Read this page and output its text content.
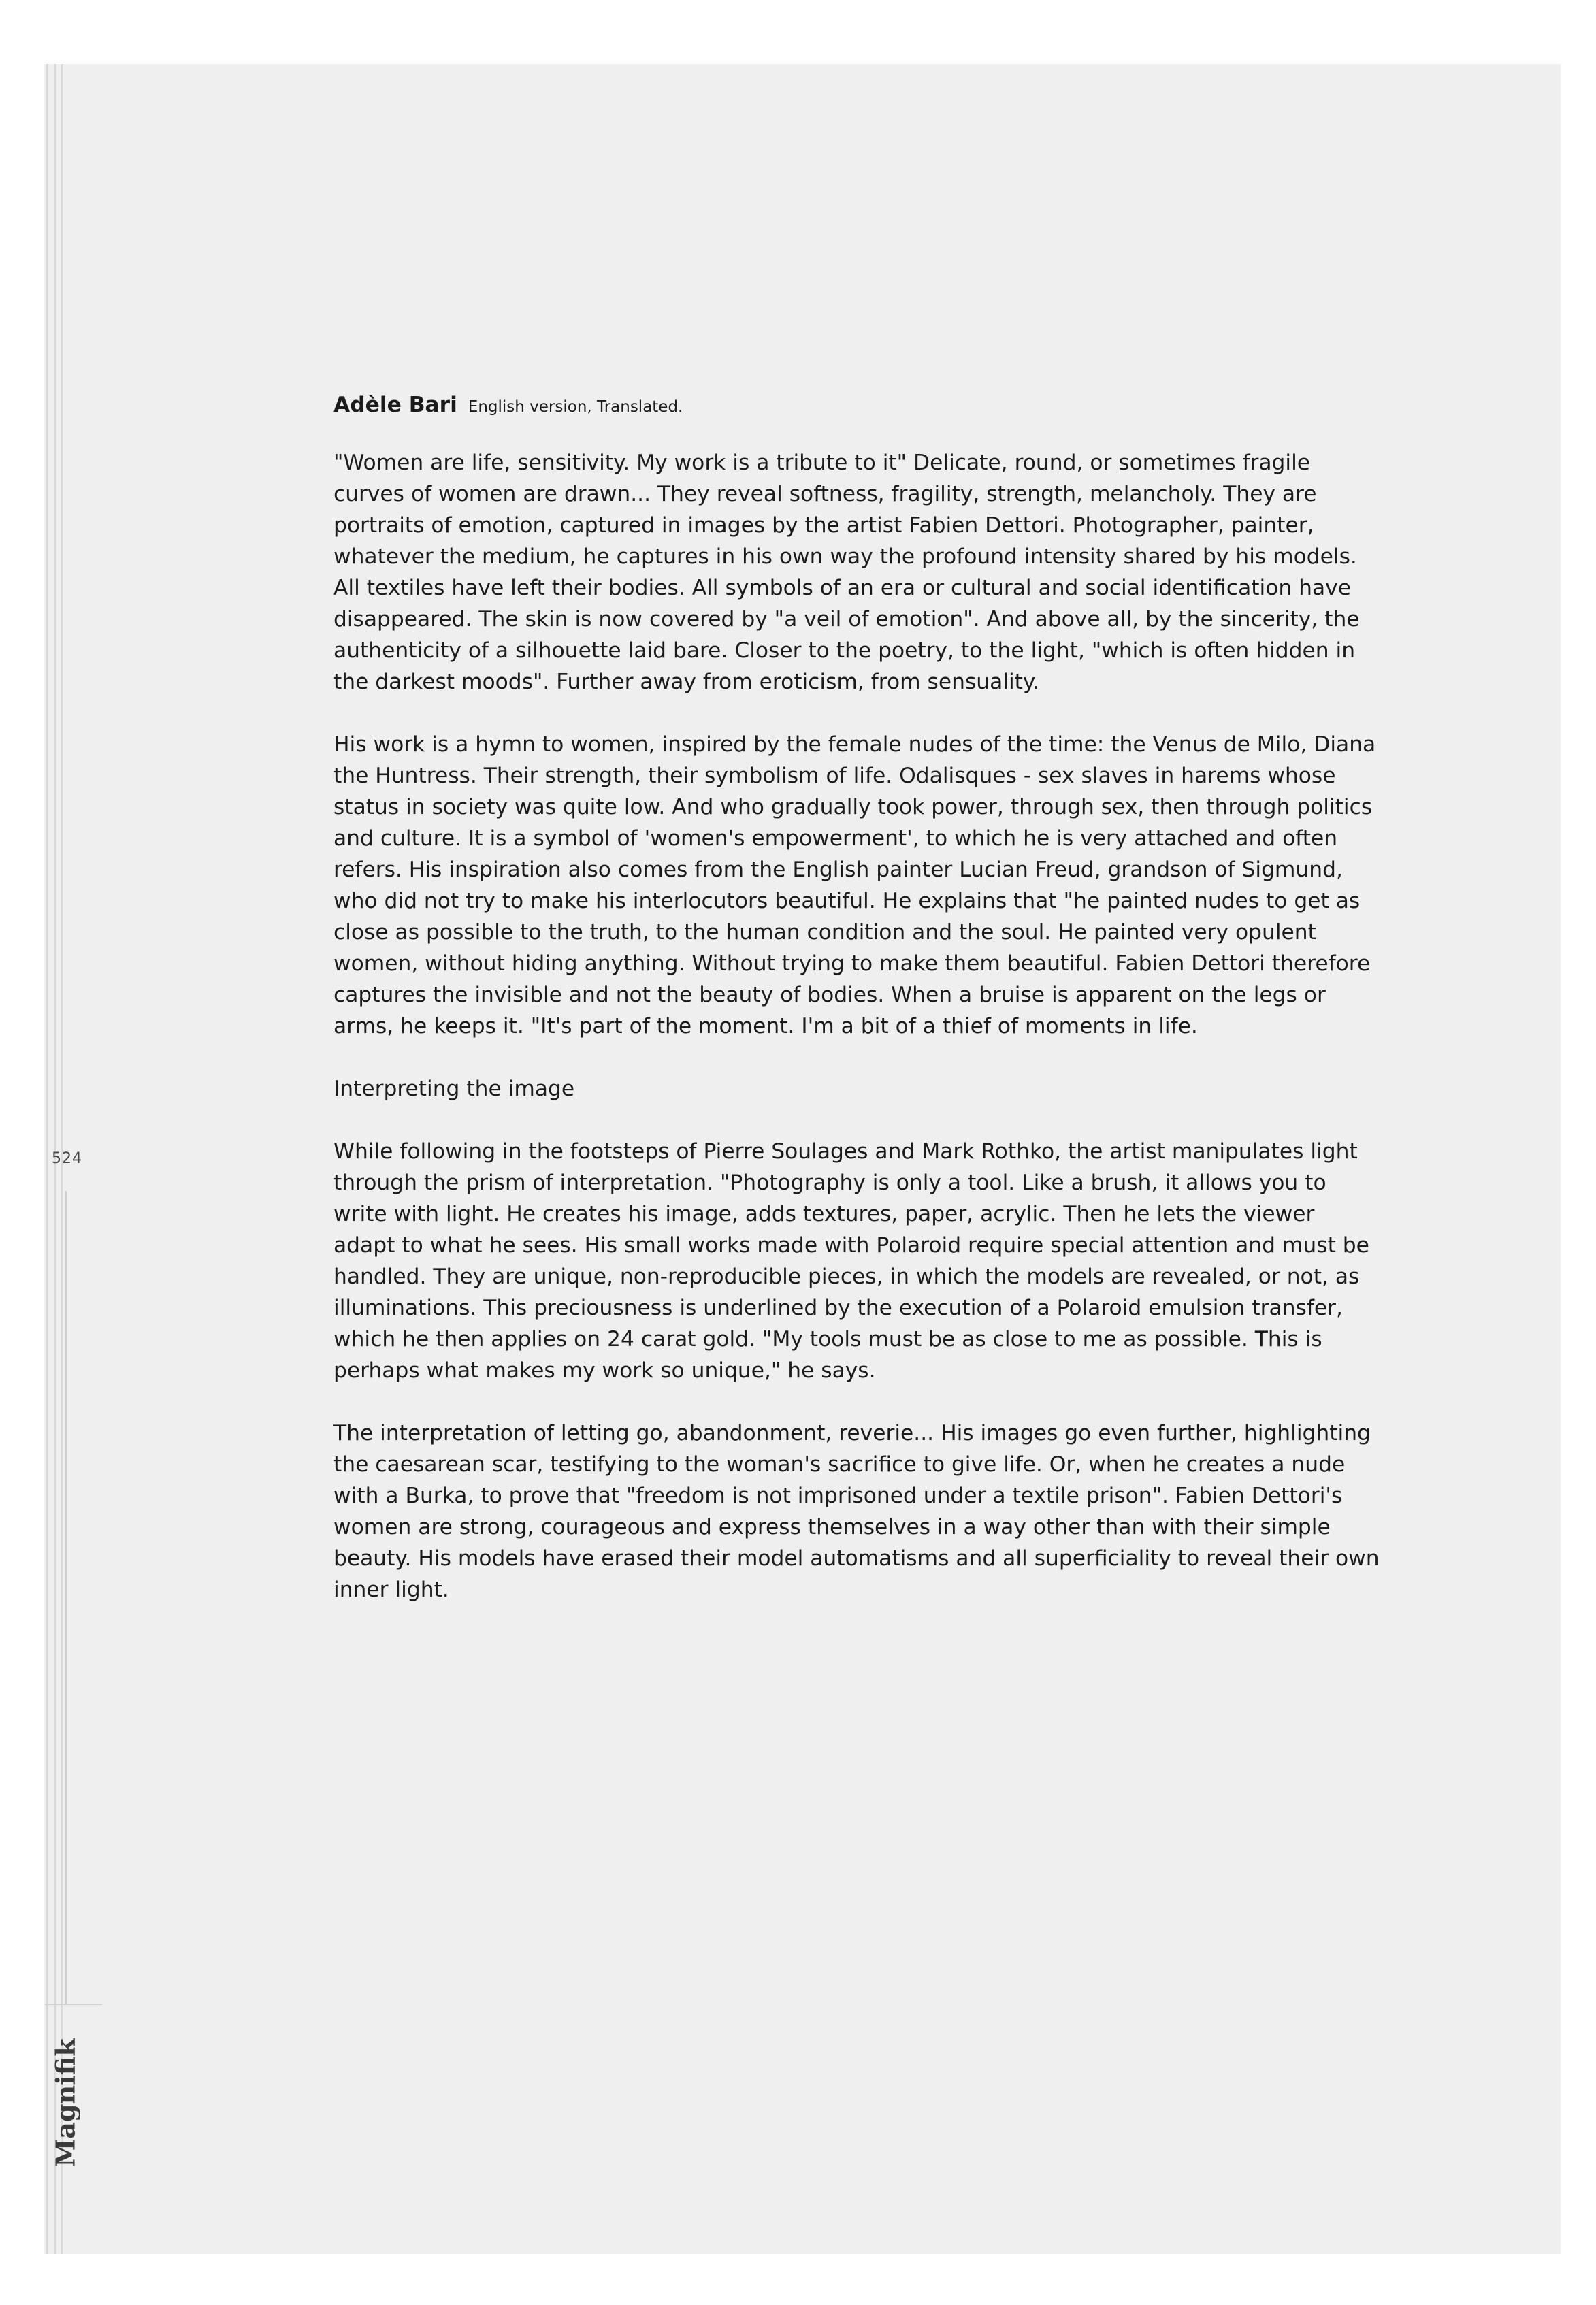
524
Magnifik
Adèle Bari English version, Translated.

"Women are life, sensitivity. My work is a tribute to it" Delicate, round, or sometimes fragile curves of women are drawn... They reveal softness, fragility, strength, melancholy. They are portraits of emotion, captured in images by the artist Fabien Dettori. Photographer, painter, whatever the medium, he captures in his own way the profound intensity shared by his models. All textiles have left their bodies. All symbols of an era or cultural and social identification have disappeared. The skin is now covered by "a veil of emotion". And above all, by the sincerity, the authenticity of a silhouette laid bare. Closer to the poetry, to the light, "which is often hidden in the darkest moods". Further away from eroticism, from sensuality.

His work is a hymn to women, inspired by the female nudes of the time: the Venus de Milo, Diana the Huntress. Their strength, their symbolism of life. Odalisques - sex slaves in harems whose status in society was quite low. And who gradually took power, through sex, then through politics and culture. It is a symbol of 'women's empowerment', to which he is very attached and often refers. His inspiration also comes from the English painter Lucian Freud, grandson of Sigmund, who did not try to make his interlocutors beautiful. He explains that "he painted nudes to get as close as possible to the truth, to the human condition and the soul. He painted very opulent women, without hiding anything. Without trying to make them beautiful. Fabien Dettori therefore captures the invisible and not the beauty of bodies. When a bruise is apparent on the legs or arms, he keeps it. "It's part of the moment. I'm a bit of a thief of moments in life.

Interpreting the image

While following in the footsteps of Pierre Soulages and Mark Rothko, the artist manipulates light through the prism of interpretation. "Photography is only a tool. Like a brush, it allows you to write with light. He creates his image, adds textures, paper, acrylic. Then he lets the viewer adapt to what he sees. His small works made with Polaroid require special attention and must be handled. They are unique, non-reproducible pieces, in which the models are revealed, or not, as illuminations. This preciousness is underlined by the execution of a Polaroid emulsion transfer, which he then applies on 24 carat gold. "My tools must be as close to me as possible. This is perhaps what makes my work so unique," he says.

The interpretation of letting go, abandonment, reverie... His images go even further, highlighting the caesarean scar, testifying to the woman's sacrifice to give life. Or, when he creates a nude with a Burka, to prove that "freedom is not imprisoned under a textile prison". Fabien Dettori's women are strong, courageous and express themselves in a way other than with their simple beauty. His models have erased their model automatisms and all superficiality to reveal their own inner light.
